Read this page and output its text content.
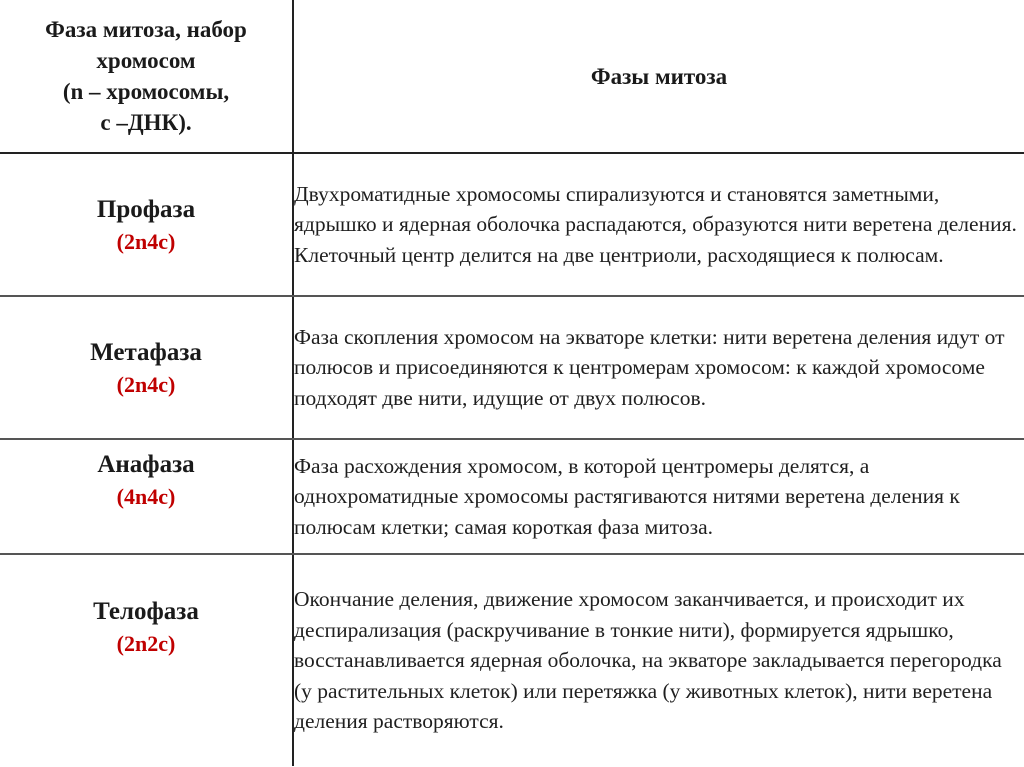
Фаза митоза, набор
хромосом
(n – хромосомы,
c –ДНК).	Фазы митоза

Профаза
(2n4c)	Двухроматидные хромосомы спирализуются и становятся заметными, ядрышко и ядерная оболочка распадаются, образуются нити веретена деления. Клеточный центр делится на две центриоли, расходящиеся к полюсам.

Метафаза
(2n4c)	Фаза скопления хромосом на экваторе клетки: нити веретена деления идут от полюсов и присоединяются к центромерам хромосом: к каждой хромосоме подходят две нити, идущие от двух полюсов.

Анафаза
(4n4c)	Фаза расхождения хромосом, в которой центромеры делятся, а однохроматидные хромосомы растягиваются нитями веретена деления к полюсам клетки; самая короткая фаза митоза.

Телофаза
(2n2c)	Окончание деления, движение хромосом заканчивается, и происходит их деспирализация (раскручивание в тонкие нити), формируется ядрышко, восстанавливается ядерная оболочка, на экваторе закладывается перегородка (у растительных клеток) или перетяжка (у животных клеток), нити веретена деления растворяются.
